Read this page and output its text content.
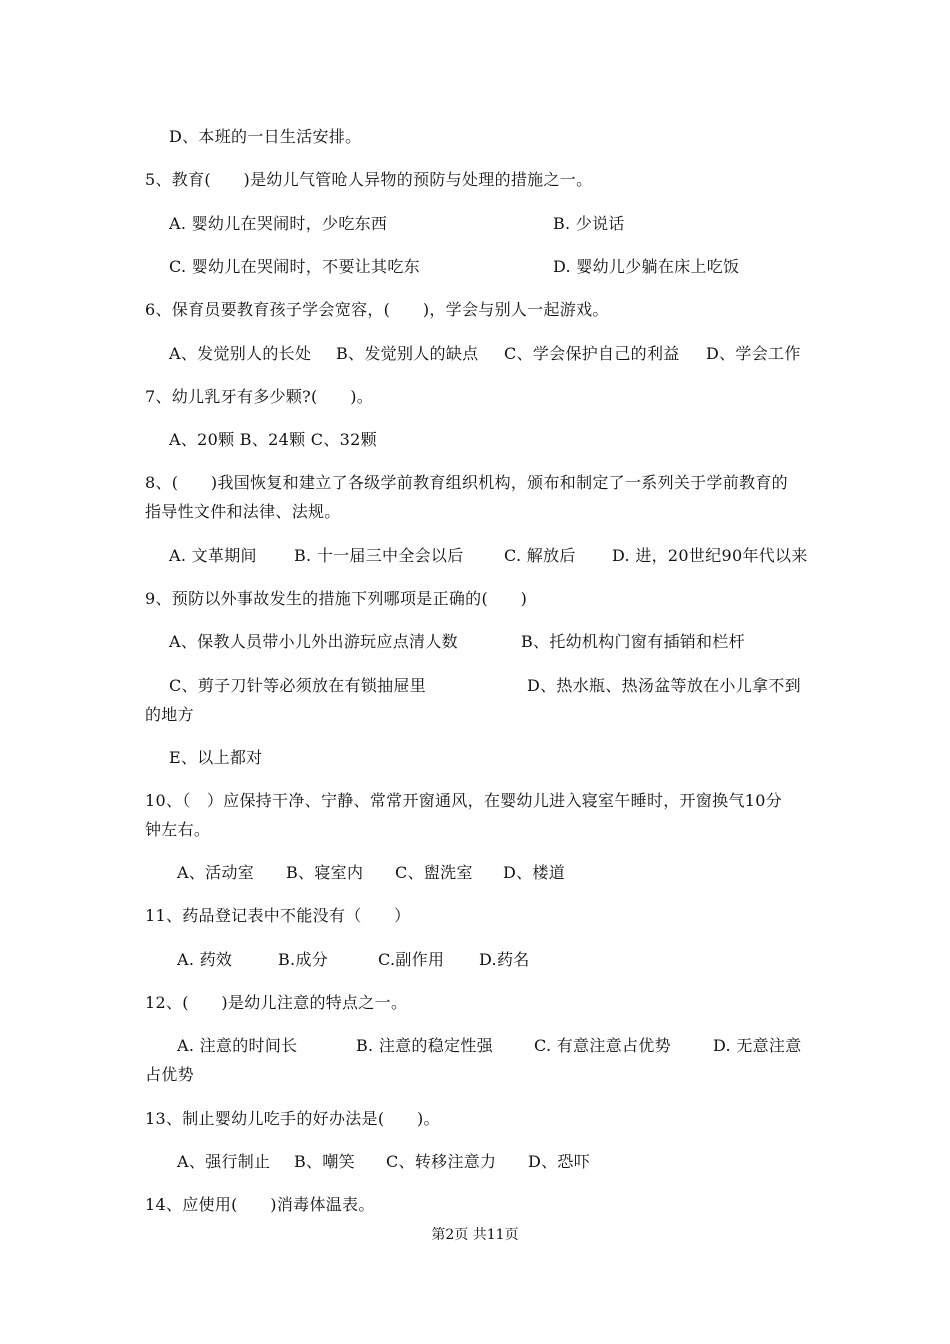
D、本班的一日生活安排。
5、教育(　　)是幼儿气管呛人异物的预防与处理的措施之一。
A. 婴幼儿在哭闹时，少吃东西	B. 少说话
C. 婴幼儿在哭闹时，不要让其吃东	D. 婴幼儿少躺在床上吃饭
6、保育员要教育孩子学会宽容，(　　)，学会与别人一起游戏。
A、发觉别人的长处 B、发觉别人的缺点 C、学会保护自己的利益 D、学会工作
7、幼儿乳牙有多少颗?(　　)。
A、20颗 B、24颗 C、32颗
8、(　　)我国恢复和建立了各级学前教育组织机构，颁布和制定了一系列关于学前教育的
指导性文件和法律、法规。
A. 文革期间 B. 十一届三中全会以后	C. 解放后 D. 进，20世纪90年代以来
9、预防以外事故发生的措施下列哪项是正确的(　　)
A、保教人员带小儿外出游玩应点清人数	B、托幼机构门窗有插销和栏杆
C、剪子刀针等必须放在有锁抽屉里	D、热水瓶、热汤盆等放在小儿拿不到
的地方
E、以上都对
10、（　）应保持干净、宁静、常常开窗通风，在婴幼儿进入寝室午睡时，开窗换气10分
钟左右。
A、活动室 B、寝室内 C、盥洗室 D、楼道
11、药品登记表中不能没有（　　）
A. 药效	B.成分	C.副作用 D.药名
12、(　　)是幼儿注意的特点之一。
A. 注意的时间长	B. 注意的稳定性强	C. 有意注意占优势	D. 无意注意
占优势
13、制止婴幼儿吃手的好办法是(　　)。
A、强行制止 B、嘲笑 C、转移注意力 D、恐吓
14、应使用(　　)消毒体温表。
第2页 共11页
